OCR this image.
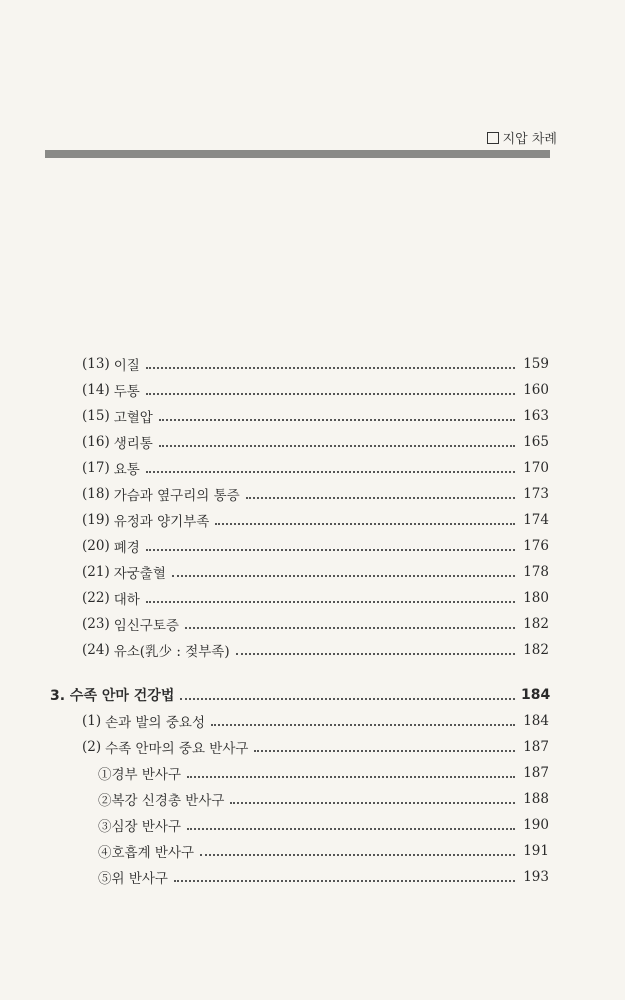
지압 차례
(13) 이질	159
(14) 두통	160
(15) 고혈압	163
(16) 생리통	165
(17) 요통	170
(18) 가슴과 옆구리의 통증	173
(19) 유정과 양기부족	174
(20) 폐경	176
(21) 자궁출혈	178
(22) 대하	180
(23) 임신구토증	182
(24) 유소(乳少 : 젖부족)	182
3. 수족 안마 건강법	184
(1) 손과 발의 중요성	184
(2) 수족 안마의 중요 반사구	187
①경부 반사구	187
②복강 신경총 반사구	188
③심장 반사구	190
④호흡계 반사구	191
⑤위 반사구	193
